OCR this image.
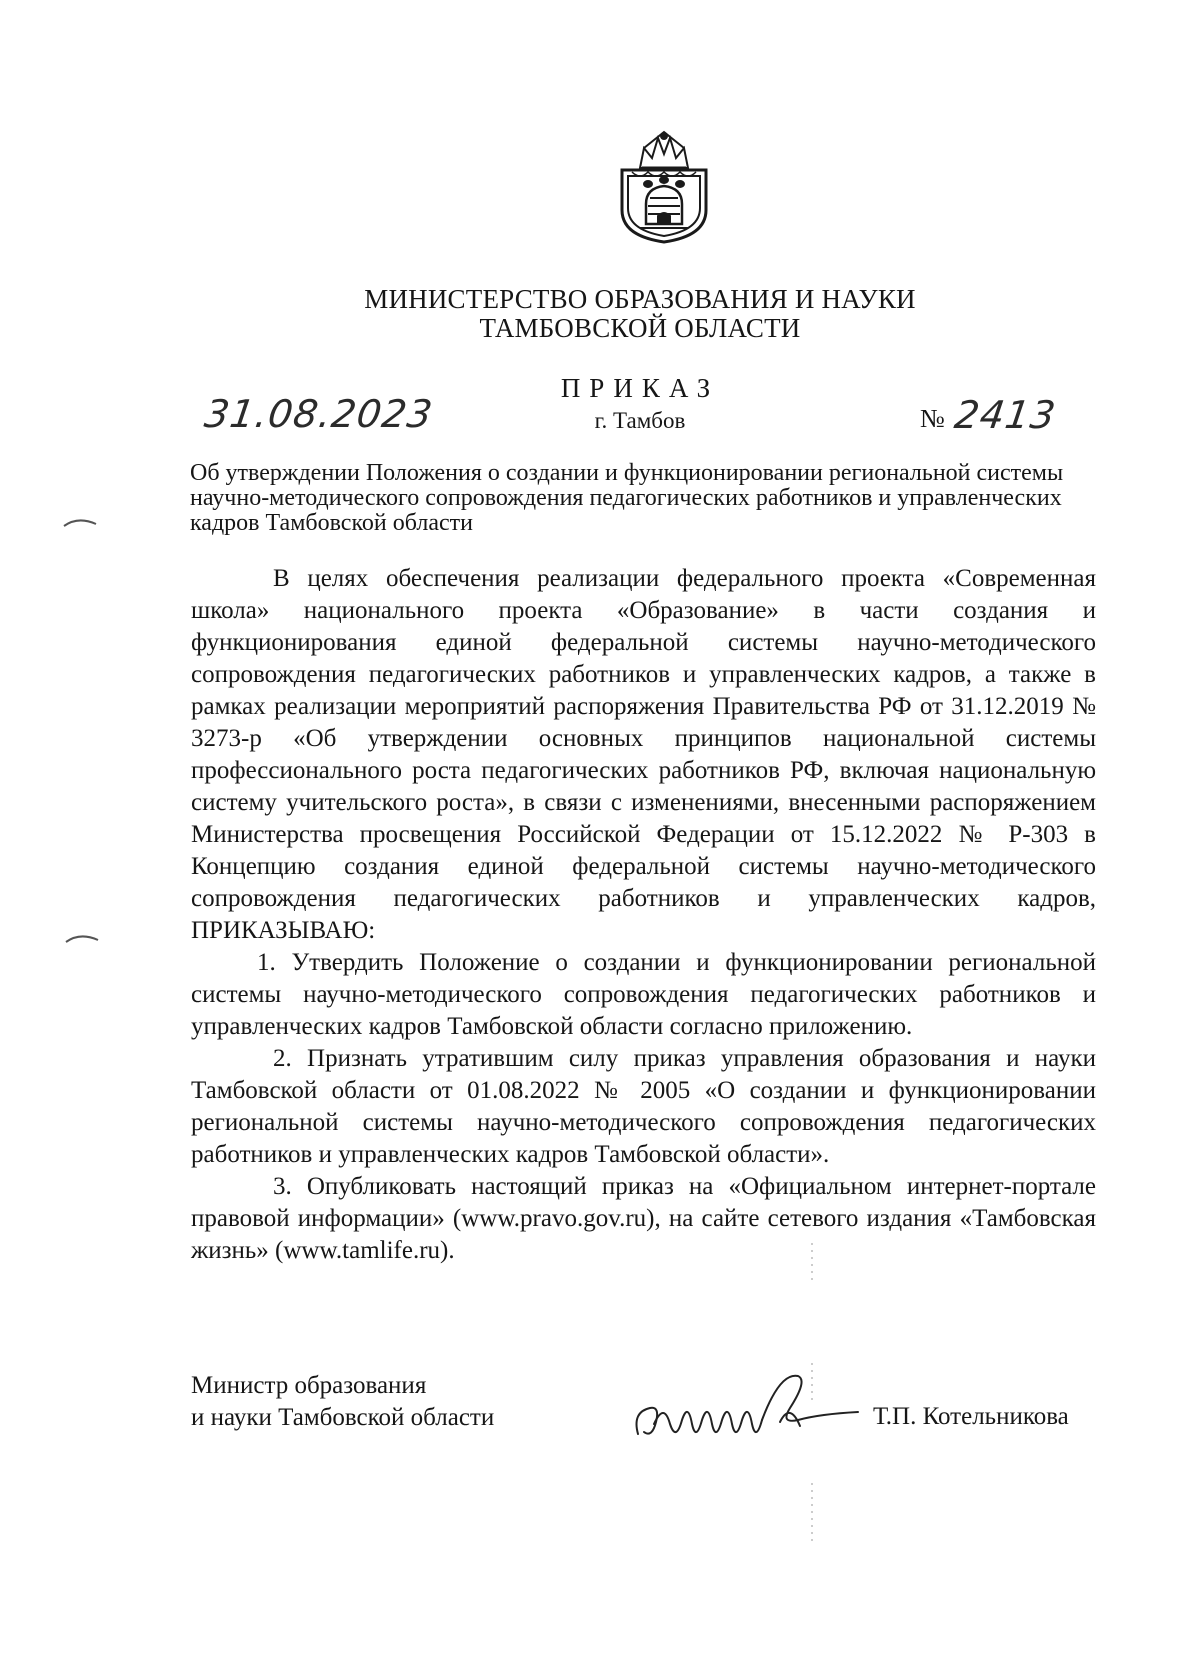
МИНИСТЕРСТВО ОБРАЗОВАНИЯ И НАУКИ
ТАМБОВСКОЙ ОБЛАСТИ
ПРИКАЗ
г. Тамбов
31.08.2023	№ 2413
Об утверждении Положения о создании и функционировании региональной системы научно-методического сопровождения педагогических работников и управленческих кадров Тамбовской области

В целях обеспечения реализации федерального проекта «Современная школа» национального проекта «Образование» в части создания и функционирования единой федеральной системы научно-методического сопровождения педагогических работников и управленческих кадров, а также в рамках реализации мероприятий распоряжения Правительства РФ от 31.12.2019 № 3273-р «Об утверждении основных принципов национальной системы профессионального роста педагогических работников РФ, включая национальную систему учительского роста», в связи с изменениями, внесенными распоряжением Министерства просвещения Российской Федерации от 15.12.2022 № Р-303 в Концепцию создания единой федеральной системы научно-методического сопровождения педагогических работников и управленческих кадров, ПРИКАЗЫВАЮ:

1. Утвердить Положение о создании и функционировании региональной системы научно-методического сопровождения педагогических работников и управленческих кадров Тамбовской области согласно приложению.

2. Признать утратившим силу приказ управления образования и науки Тамбовской области от 01.08.2022 № 2005 «О создании и функционировании региональной системы научно-методического сопровождения педагогических работников и управленческих кадров Тамбовской области».

3. Опубликовать настоящий приказ на «Официальном интернет-портале правовой информации» (www.pravo.gov.ru), на сайте сетевого издания «Тамбовская жизнь» (www.tamlife.ru).

Министр образования
и науки Тамбовской области	Т.П. Котельникова
